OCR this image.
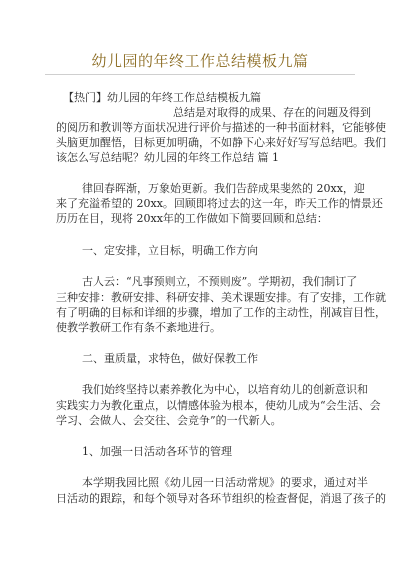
幼儿园的年终工作总结模板九篇
【热门】幼儿园的年终工作总结模板九篇
总结是对取得的成果、存在的问题及得到
的阅历和教训等方面状况进行评价与描述的一种书面材料，它能够使
头脑更加醒悟，目标更加明确，不如静下心来好好写写总结吧。我们
该怎么写总结呢？幼儿园的年终工作总结 篇 1
律回春晖渐，万象始更新。我们告辞成果斐然的 20xx，迎
来了充溢希望的 20xx。回顾即将过去的这一年，昨天工作的情景还
历历在目，现将 20xx年的工作做如下简要回顾和总结：
一、定安排，立目标，明确工作方向
古人云：“凡事预则立，不预则废”。学期初，我们制订了
三种安排：教研安排、科研安排、美术课题安排。有了安排，工作就
有了明确的目标和详细的步骤，增加了工作的主动性，削减盲目性，
使教学教研工作有条不紊地进行。
二、重质量，求特色，做好保教工作
我们始终坚持以素养教化为中心，以培育幼儿的创新意识和
实践实力为教化重点，以情感体验为根本，使幼儿成为“会生活、会
学习、会做人、会交往、会竞争”的一代新人。
1、加强一日活动各环节的管理
本学期我园比照《幼儿园一日活动常规》的要求，通过对半
日活动的跟踪，和每个领导对各环节组织的检查督促，消退了孩子的
